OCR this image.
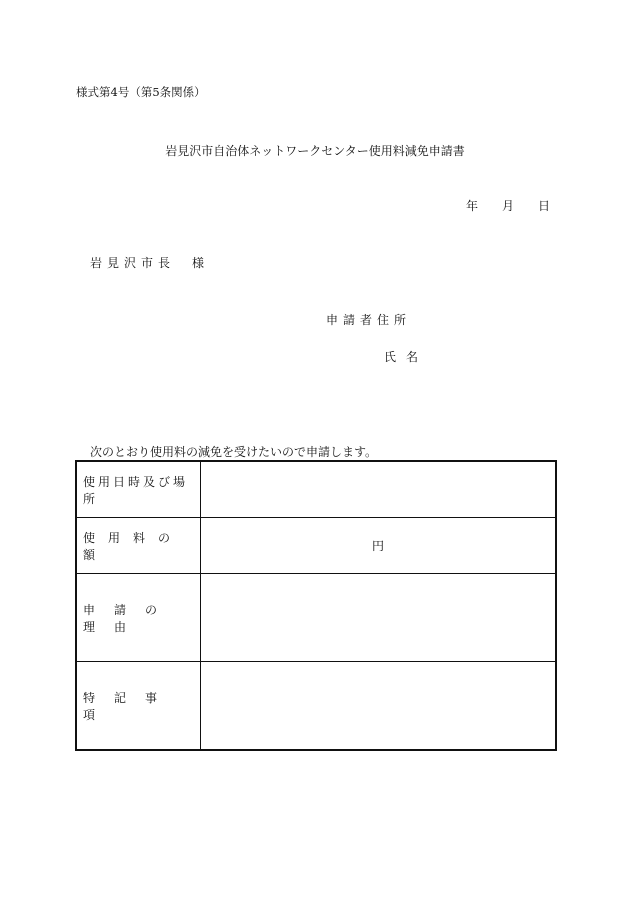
様式第4号（第5条関係）
岩見沢市自治体ネットワークセンター使用料減免申請書
年 月 日
岩見沢市長　様
申請者住所
氏名
次のとおり使用料の減免を受けたいので申請します。
使用日時及び場所
使用料の額
円
申請の理由
特記事項
